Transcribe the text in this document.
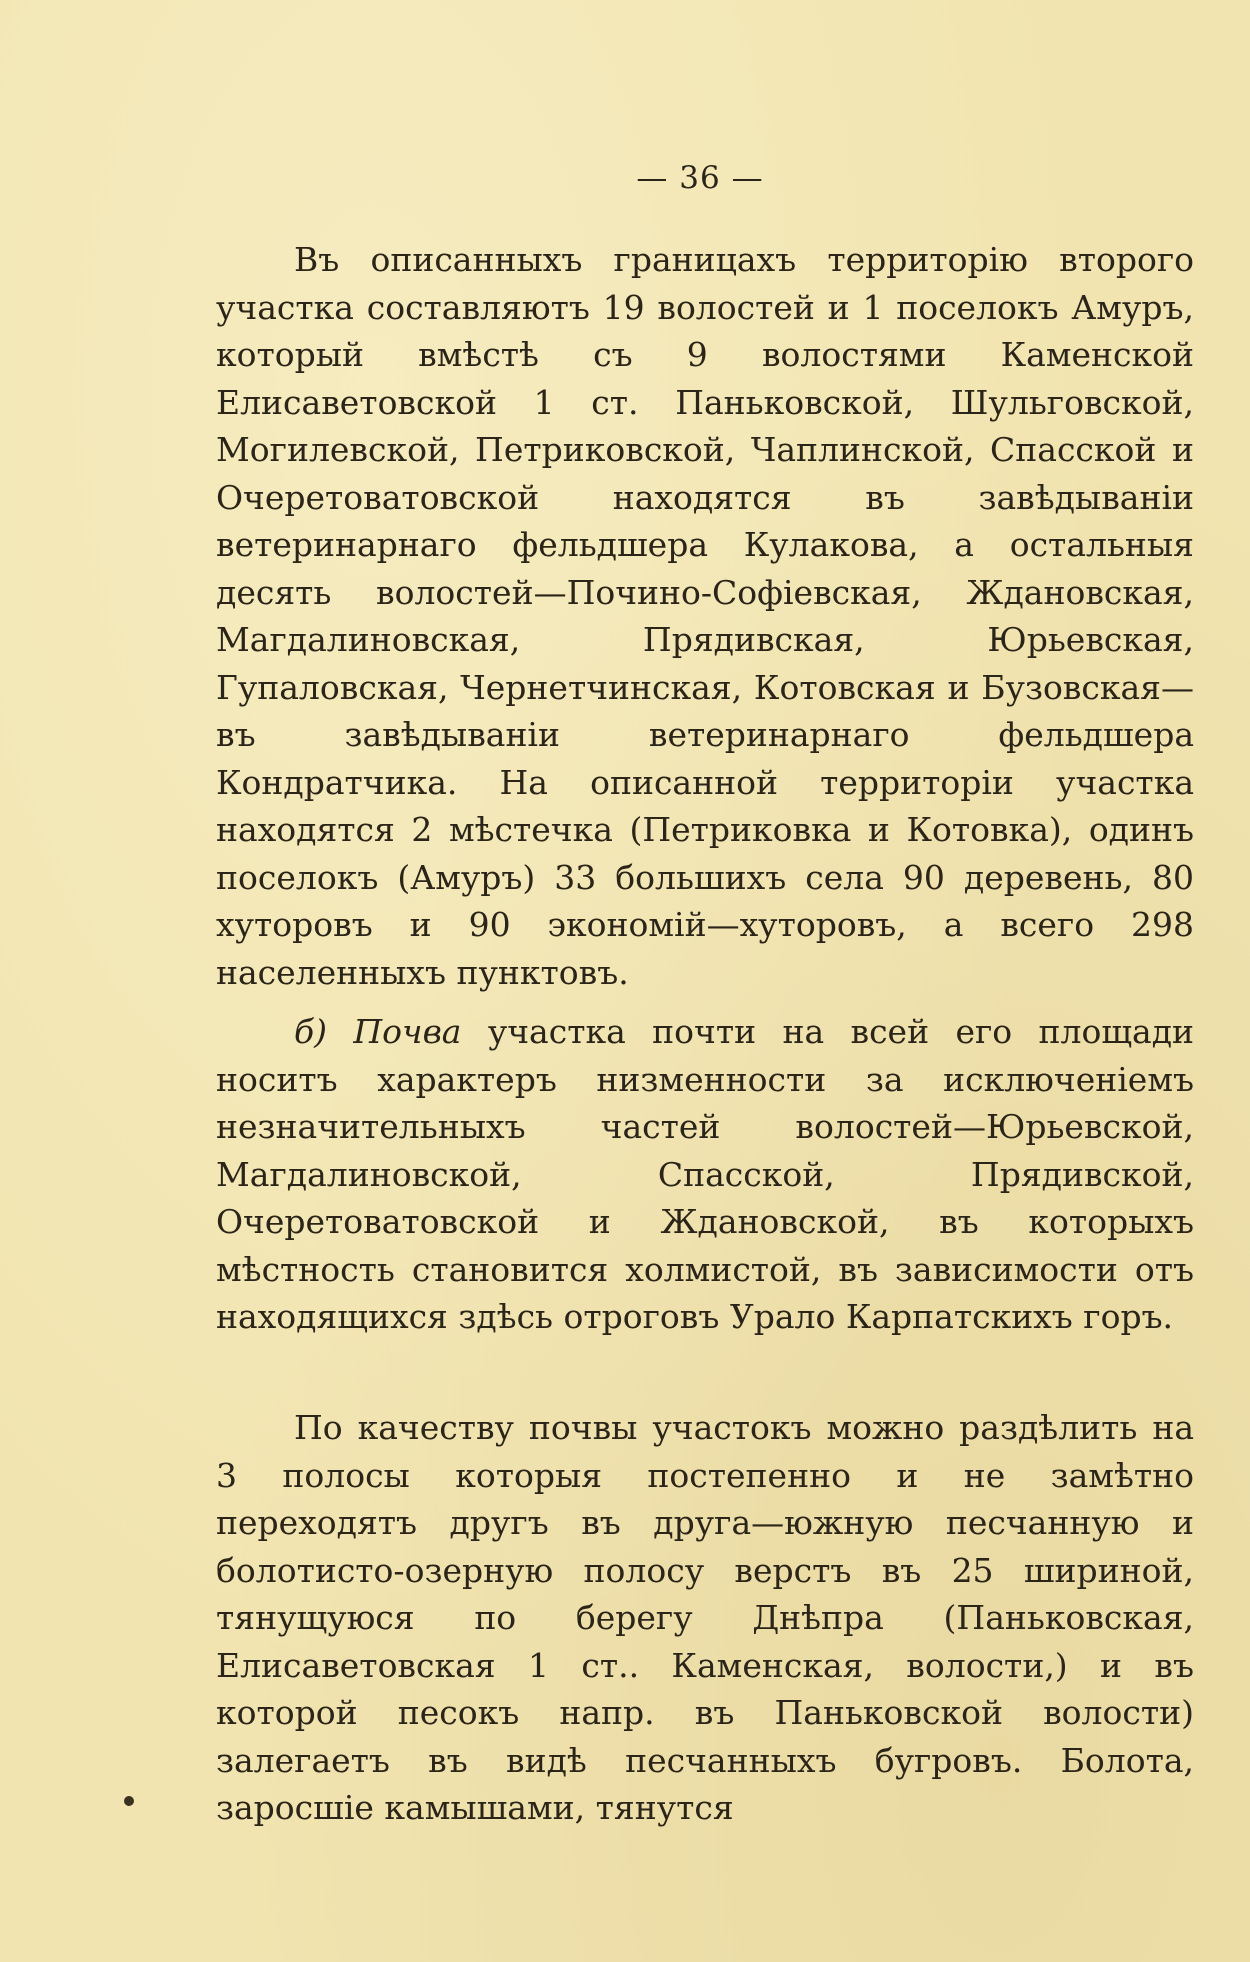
— 36 —

Въ описанныхъ границахъ территорію второго участка составляютъ 19 волостей и 1 поселокъ Амуръ, который вмѣстѣ съ 9 волостями Каменской Елисаветовской 1 ст. Паньковской, Шульговской, Могилевской, Петриковской, Чаплинской, Спасской и Очеретоватовской находятся въ завѣдываніи ветеринарнаго фельдшера Кулакова, а остальныя десять волостей—Почино-Софіевская, Ждановская, Магдалиновская, Прядивская, Юрьевская, Гупаловская, Чернетчинская, Котовская и Бузовская—въ завѣдываніи ветеринарнаго фельдшера Кондратчика. На описанной территоріи участка находятся 2 мѣстечка (Петриковка и Котовка), одинъ поселокъ (Амуръ) 33 большихъ села 90 деревень, 80 хуторовъ и 90 экономій—хуторовъ, а всего 298 населенныхъ пунктовъ.

б) Почва участка почти на всей его площади носитъ характеръ низменности за исключеніемъ незначительныхъ частей волостей—Юрьевской, Магдалиновской, Спасской, Прядивской, Очеретоватовской и Ждановской, въ которыхъ мѣстность становится холмистой, въ зависимости отъ находящихся здѣсь отроговъ Урало Карпатскихъ горъ.

По качеству почвы участокъ можно раздѣлить на 3 полосы которыя постепенно и не замѣтно переходятъ другъ въ друга—южную песчанную и болотисто-озерную полосу верстъ въ 25 шириной, тянущуюся по берегу Днѣпра (Паньковская, Елисаветовская 1 ст.. Каменская, волости,) и въ которой песокъ напр. въ Паньковской волости) залегаетъ въ видѣ песчанныхъ бугровъ. Болота, заросшіе камышами, тянутся
